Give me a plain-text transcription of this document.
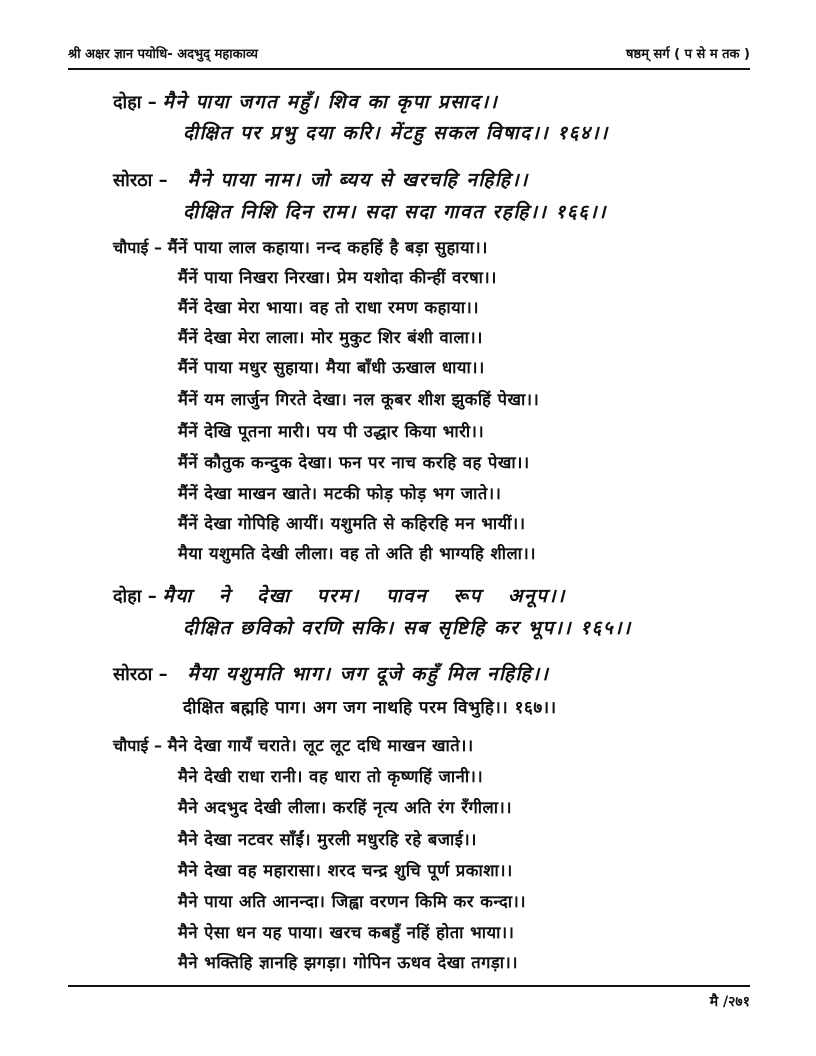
श्री अक्षर ज्ञान पयोधि- अदभुद् महाकाव्य	षष्ठम् सर्ग ( प से म तक )
दोहा – मैने पाया जगत महुँ। शिव का कृपा प्रसाद।।
दीक्षित पर प्रभु दया करि। मेंटहु सकल विषाद।। १६४।।
सोरठा – मैने पाया नाम। जो ब्यय से खरचहि नहिहि।।
दीक्षित निशि दिन राम। सदा सदा गावत रहहि।। १६६।।
चौपाई – मैंनें पाया लाल कहाया। नन्द कहहिं है बड़ा सुहाया।।
मैंनें पाया निखरा निरखा। प्रेम यशोदा कीन्हीं वरषा।।
मैंनें देखा मेरा भाया। वह तो राधा रमण कहाया।।
मैंनें देखा मेरा लाला। मोर मुकुट शिर बंशी वाला।।
मैंनें पाया मधुर सुहाया। मैया बाँधी ऊखाल धाया।।
मैंनें यम लार्जुन गिरते देखा। नल कूबर शीश झुकहिं पेखा।।
मैंनें देखि पूतना मारी। पय पी उद्धार किया भारी।।
मैंनें कौतुक कन्दुक देखा। फन पर नाच करहि वह पेखा।।
मैंनें देखा माखन खाते। मटकी फोड़ फोड़ भग जाते।।
मैंनें देखा गोपिहि आयीं। यशुमति से कहिरहि मन भायीं।।
मैया यशुमति देखी लीला। वह तो अति ही भाग्यहि शीला।।
दोहा – मैया ने देखा परम। पावन रूप अनूप।।
दीक्षित छविको वरणि सकि। सब सृष्टिहि कर भूप।। १६५।।
सोरठा – मैया यशुमति भाग। जग दूजे कहुँ मिल नहिहि।।
दीक्षित बह्महि पाग। अग जग नाथहि परम विभुहि।। १६७।।
चौपाई – मैने देखा गायँ चराते। लूट लूट दधि माखन खाते।।
मैने देखी राधा रानी। वह धारा तो कृष्णहिं जानी।।
मैने अदभुद देखी लीला। करहिं नृत्य अति रंग रँगीला।।
मैने देखा नटवर साँईं। मुरली मधुरहि रहे बजाई।।
मैने देखा वह महारासा। शरद चन्द्र शुचि पूर्ण प्रकाशा।।
मैने पाया अति आनन्दा। जिह्वा वरणन किमि कर कन्दा।।
मैने ऐसा धन यह पाया। खरच कबहुँ नहिं होता भाया।।
मैने भक्तिहि ज्ञानहि झगड़ा। गोपिन ऊधव देखा तगड़ा।।
मै /२७१
